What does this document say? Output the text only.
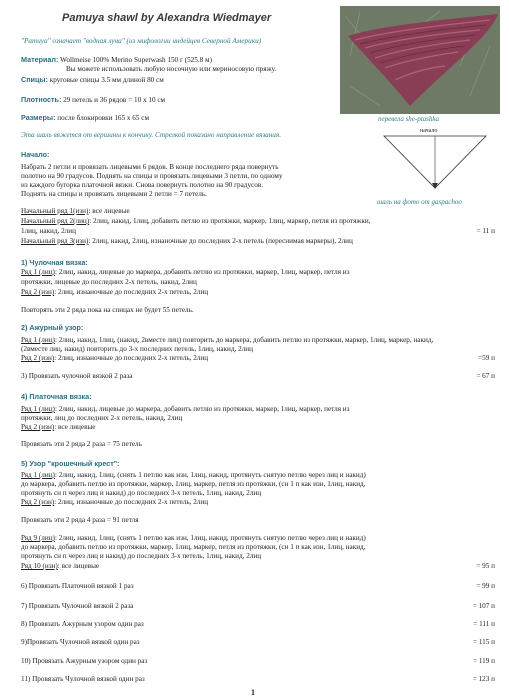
Pamuya shawl by Alexandra Wiedmayer
"Pamuya" означает "водная луна" (из мифологии индейцев Северной Америки)
перевела she-ptashka
Материал: Wollmeise 100% Merino Superwash 150 г (525.8 м)
Вы можете использовать любую носочную или мериносовую пряжу.
Спицы: круговые спицы 3.5 мм длиной 80 см
Плотность: 29 петель и 36 рядов = 10 х 10 см
Размеры: после блокировки 165 х 65 см
Эта шаль вяжется от вершины к кончику. Стрелкой показано направление вязания.	начало
шаль на фото от gaspachoo
Начало:
Набрать 2 петли и провязать лицевыми 6 рядов. В конце последнего ряда повернуть
полотно на 90 градусов. Поднять на спицы и провязать лицевыми 3 петли, по одному
из каждого бугорка платочной вязки. Снова повернуть полотно на 90 градусов.
Поднять на спицы и провязать лицевыми 2 петли = 7 петель.
Начальный ряд 1(изн): все лицевые
Начальный ряд 2(лиц): 2лиц, накид, 1лиц, добавить петлю из протяжки, маркер, 1лиц, маркер, петля из протяжки,
1лиц, накид, 2лиц	= 11 п
Начальный ряд 3(изн): 2лиц, накид, 2лиц, изнаночные до последних 2-х петель (переснимая маркеры), 2лиц
1) Чулочная вязка:
Ряд 1 (лиц): 2лиц, накид, лицевые до маркера, добавить петлю из протяжки, маркер, 1лиц, маркер, петля из
протяжки, лицевые до последних 2-х петель, накид, 2лиц
Ряд 2 (изн): 2лиц, изнаночные до последних 2-х петель, 2лиц
Повторять эти 2 ряда пока на спицах не будет 55 петель.
2) Ажурный узор:
Ряд 1 (лиц): 2лиц, накид, 1лиц, (накид, 2вместе лиц) повторить до маркера, добавить петлю из протяжки, маркер, 1лиц, маркер, накид,
(2вместе лиц, накид) повторить до 3-х последних петель, 1лиц, накид, 2лиц
Ряд 2 (изн): 2лиц, изнаночные до последних 2-х петель, 2лиц	=59 п
3) Провязать чулочной вязкой 2 раза	= 67 п
4) Платочная вязка:
Ряд 1 (лиц): 2лиц, накид, лицевые до маркера, добавить петлю из протяжки, маркер, 1лиц, маркер, петля из
протяжки, лиц до последних 2-х петель, накид, 2лиц
Ряд 2 (изн): все лицевые
Провязать эти 2 ряда 2 раза = 75 петель
5) Узор "крошечный крест":
Ряд 1 (лиц): 2лиц, накид, 1лиц, (снять 1 петлю как изн, 1лиц, накид, протянуть снятую петлю через лиц и накид)
до маркера, добавить петлю из протяжки, маркер, 1лиц, маркер, петля из протяжки, (сн 1 п как изн, 1лиц, накид,
протянуть сн п через лиц и накид) до последних 3-х петель, 1лиц, накид, 2лиц
Ряд 2 (изн): 2лиц, изнаночные до последних 2-х петель, 2лиц
Провязать эти 2 ряда 4 раза = 91 петля
Ряд 9 (лиц): 2лиц, накид, 1лиц, (снять 1 петлю как изн, 1лиц, накид, протянуть снятую петлю через лиц и накид)
до маркера, добавить петлю из протяжки, маркер, 1лиц, маркер, петля из протяжки, (сн 1 п как изн, 1лиц, накид,
протянуть сн п через лиц и накид) до последних 3-х петель, 1лиц, накид, 2лиц
Ряд 10 (изн): все лицевые	= 95 п
6) Провязать Платочной вязкой 1 раз	= 99 п
7) Провязать Чулочной вязкой 2 раза	= 107 п
8) Провязать Ажурным узором один раз	= 111 п
9)Провязать Чулочной вязкой один раз	= 115 п
10) Провязать Ажурным узором один раз	= 119 п
11) Провязать Чулочной вязкой один раз	= 123 п
1
